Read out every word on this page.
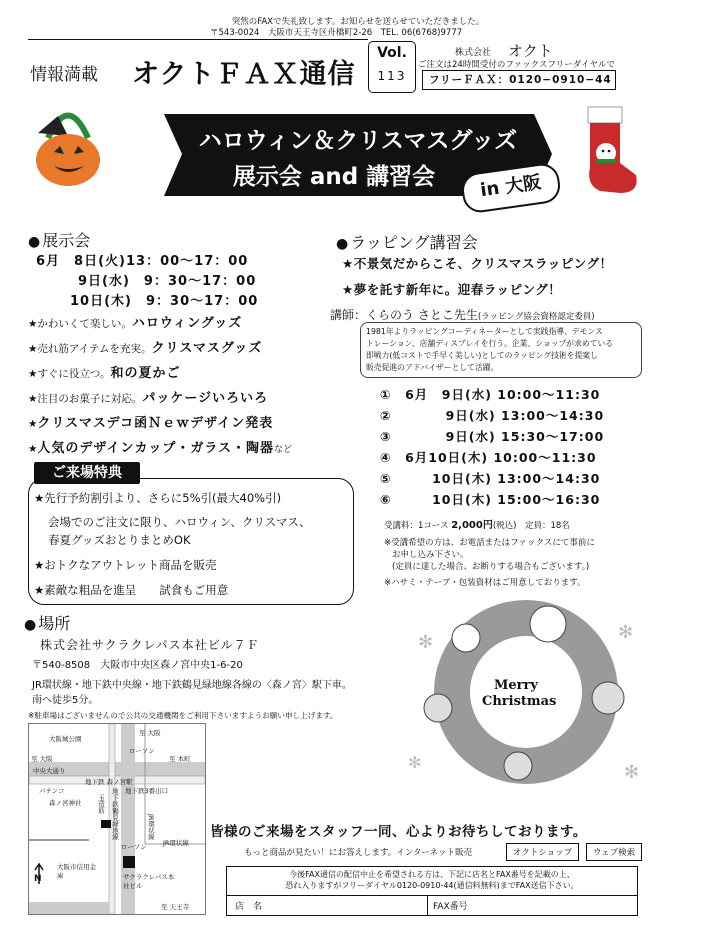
突然のFAXで失礼致します。お知らせを送らせていただきました。
〒543-0024　大阪市天王寺区舟橋町2-26　TEL. 06(6768)9777
情報満載 オクトＦＡＸ通信
Vol.
113
株式会社 オクト
ご注文は24時間受付のファックスフリーダイヤルで
フリーＦＡＸ：0120−0910−44
ハロウィン＆クリスマスグッズ
展示会 and 講習会	in 大阪
● 展示会
6月　8日(火)13：00〜17：00
9日(水)　9：30〜17：00
10日(木)　9：30〜17：00
★かわいくて楽しい。ハロウィングッズ
★売れ筋アイテムを充実。クリスマスグッズ
★すぐに役立つ。和の夏かご
★注目のお菓子に対応。パッケージいろいろ
★クリスマスデコ函Ｎｅｗデザイン発表
★人気のデザインカップ・ガラス・陶器など
ご来場特典
★先行予約割引より、さらに5%引(最大40%引)
会場でのご注文に限り、ハロウィン、クリスマス、
春夏グッズおとりまとめOK
★おトクなアウトレット商品を販売
★素敵な粗品を進呈　　試食もご用意
● 場所
株式会社サクラクレパス本社ビル７Ｆ
〒540-8508　大阪市中央区森ノ宮中央1-6-20
JR環状線・地下鉄中央線・地下鉄鶴見緑地線各線の〈森ノ宮〉駅下車。
南へ徒歩5分。
※駐車場はございませんので公共の交通機関をご利用下さいますようお願い申し上げます。
大阪城公園
至 大阪
至 大阪	至 本町
中央大通り
地下鉄 森ノ宮駅
地下鉄3番出口
ローソン
ローソン
パチンコ
森ノ宮神社
JR環状線
地下鉄鶴見緑地線
玉造筋
JR環状線
大阪市信用金庫	サクラクレパス本社ビル
至 天王寺
N
● ラッピング講習会
★不景気だからこそ、クリスマスラッピング！
★夢を託す新年に。迎春ラッピング！
講師：くらのう さとこ先生(ラッピング協会資格認定委員)
1981年よりラッピングコーディネーターとして実践指導、デモンス
トレーション、店舗ディスプレイを行う。企業、ショップが求めている
即戦力(低コストで手早く美しい)としてのラッピング技術を提案し
販売促進のアドバイザーとして活躍。
①　6月　9日(水) 10:00〜11:30
②　　　　9日(水) 13:00〜14:30
③　　　　9日(水) 15:30〜17:00
④　6月10日(木) 10:00〜11:30
⑤　　　10日(木) 13:00〜14:30
⑥　　　10日(木) 15:00〜16:30
受講料：1コース 2,000円(税込)　 定員：18名
※受講希望の方は、お電話またはファックスにて事前に
お申し込み下さい。
(定員に達した場合、お断りする場合もございます。)
※ハサミ・テープ・包装資材はご用意しております。
✻	✻
✻
✻
Merry
Christmas
皆様のご来場をスタッフ一同、心よりお待ちしております。
もっと商品が見たい！にお答えします。インターネット販売	オクトショップ	ウェブ検索
今後FAX通信の配信中止を希望される方は、下記に店名とFAX番号を記載の上、
恐れ入りますがフリーダイヤル0120-0910-44(通信料無料)までFAX送信下さい。
店　名	FAX番号
